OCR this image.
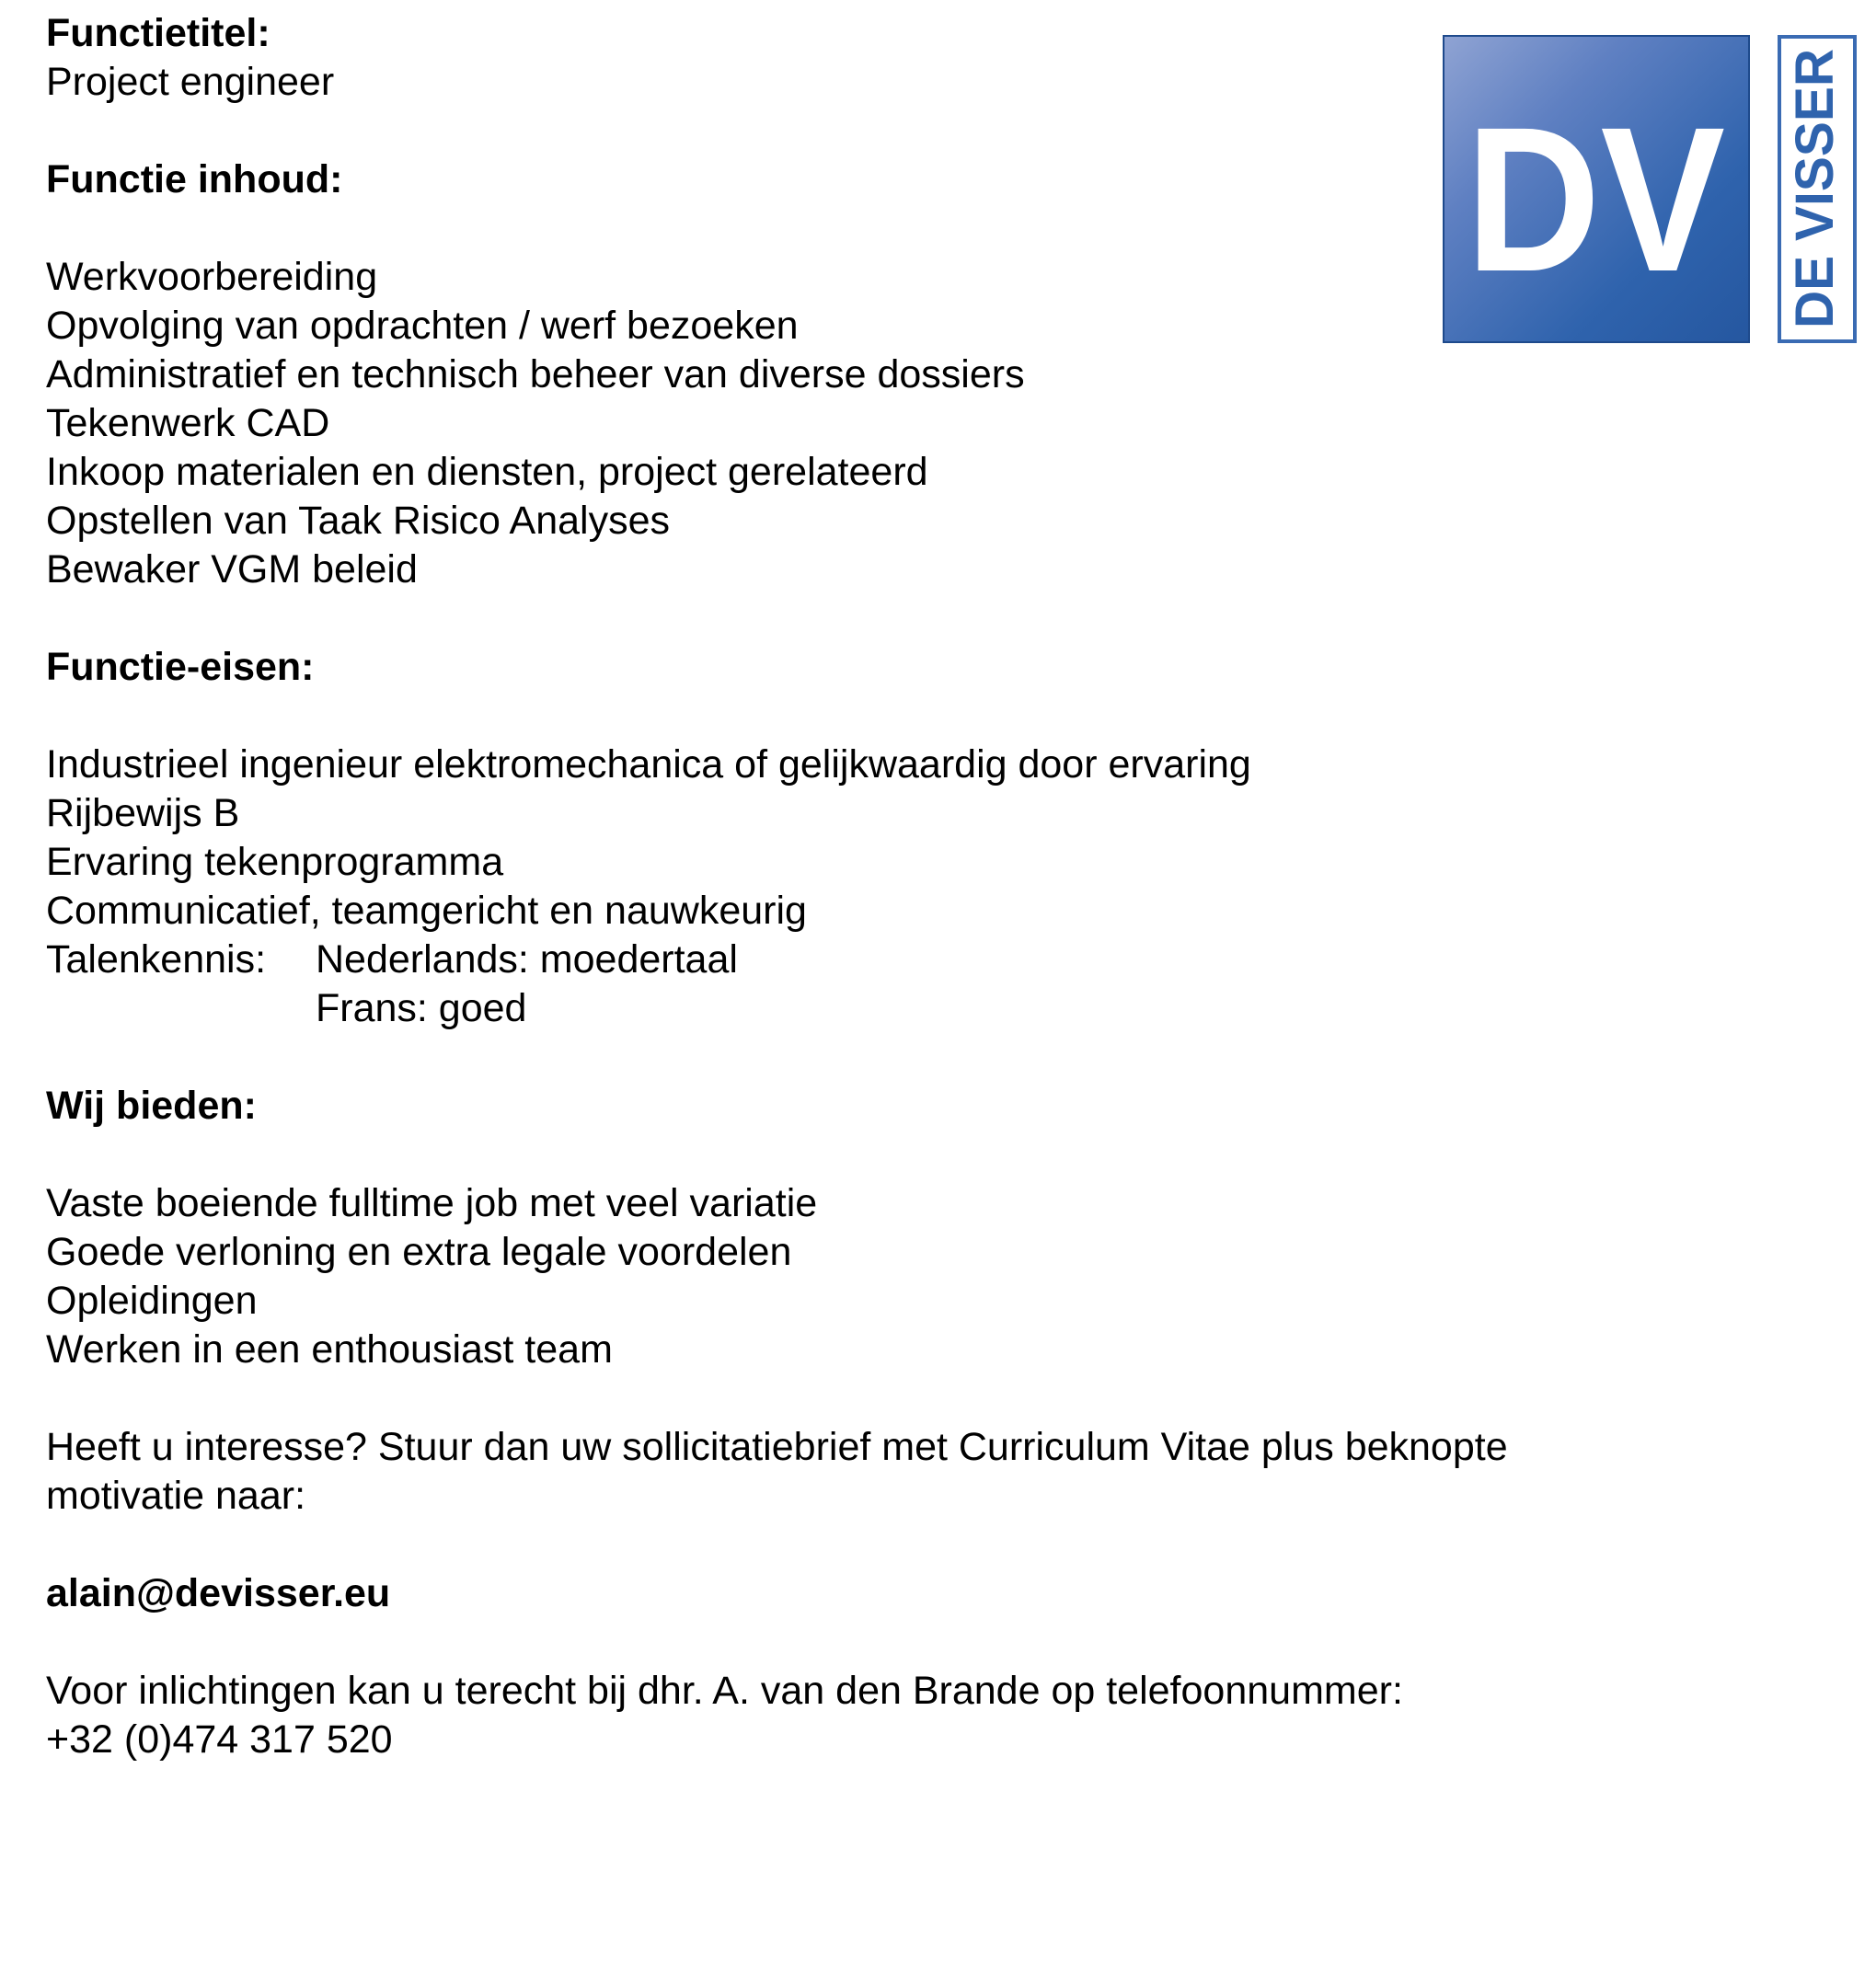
DV DE VISSER
Functietitel:
Project engineer
Functie inhoud:
Werkvoorbereiding
Opvolging van opdrachten / werf bezoeken
Administratief en technisch beheer van diverse dossiers
Tekenwerk CAD
Inkoop materialen en diensten, project gerelateerd
Opstellen van Taak Risico Analyses
Bewaker VGM beleid
Functie-eisen:
Industrieel ingenieur elektromechanica of gelijkwaardig door ervaring
Rijbewijs B
Ervaring tekenprogramma
Communicatief, teamgericht en nauwkeurig
Talenkennis:	Nederlands: moedertaal
Frans: goed
Wij bieden:
Vaste boeiende fulltime job met veel variatie
Goede verloning en extra legale voordelen
Opleidingen
Werken in een enthousiast team
Heeft u interesse? Stuur dan uw sollicitatiebrief met Curriculum Vitae plus beknopte
motivatie naar:
alain@devisser.eu
Voor inlichtingen kan u terecht bij dhr. A. van den Brande op telefoonnummer:
+32 (0)474 317 520
